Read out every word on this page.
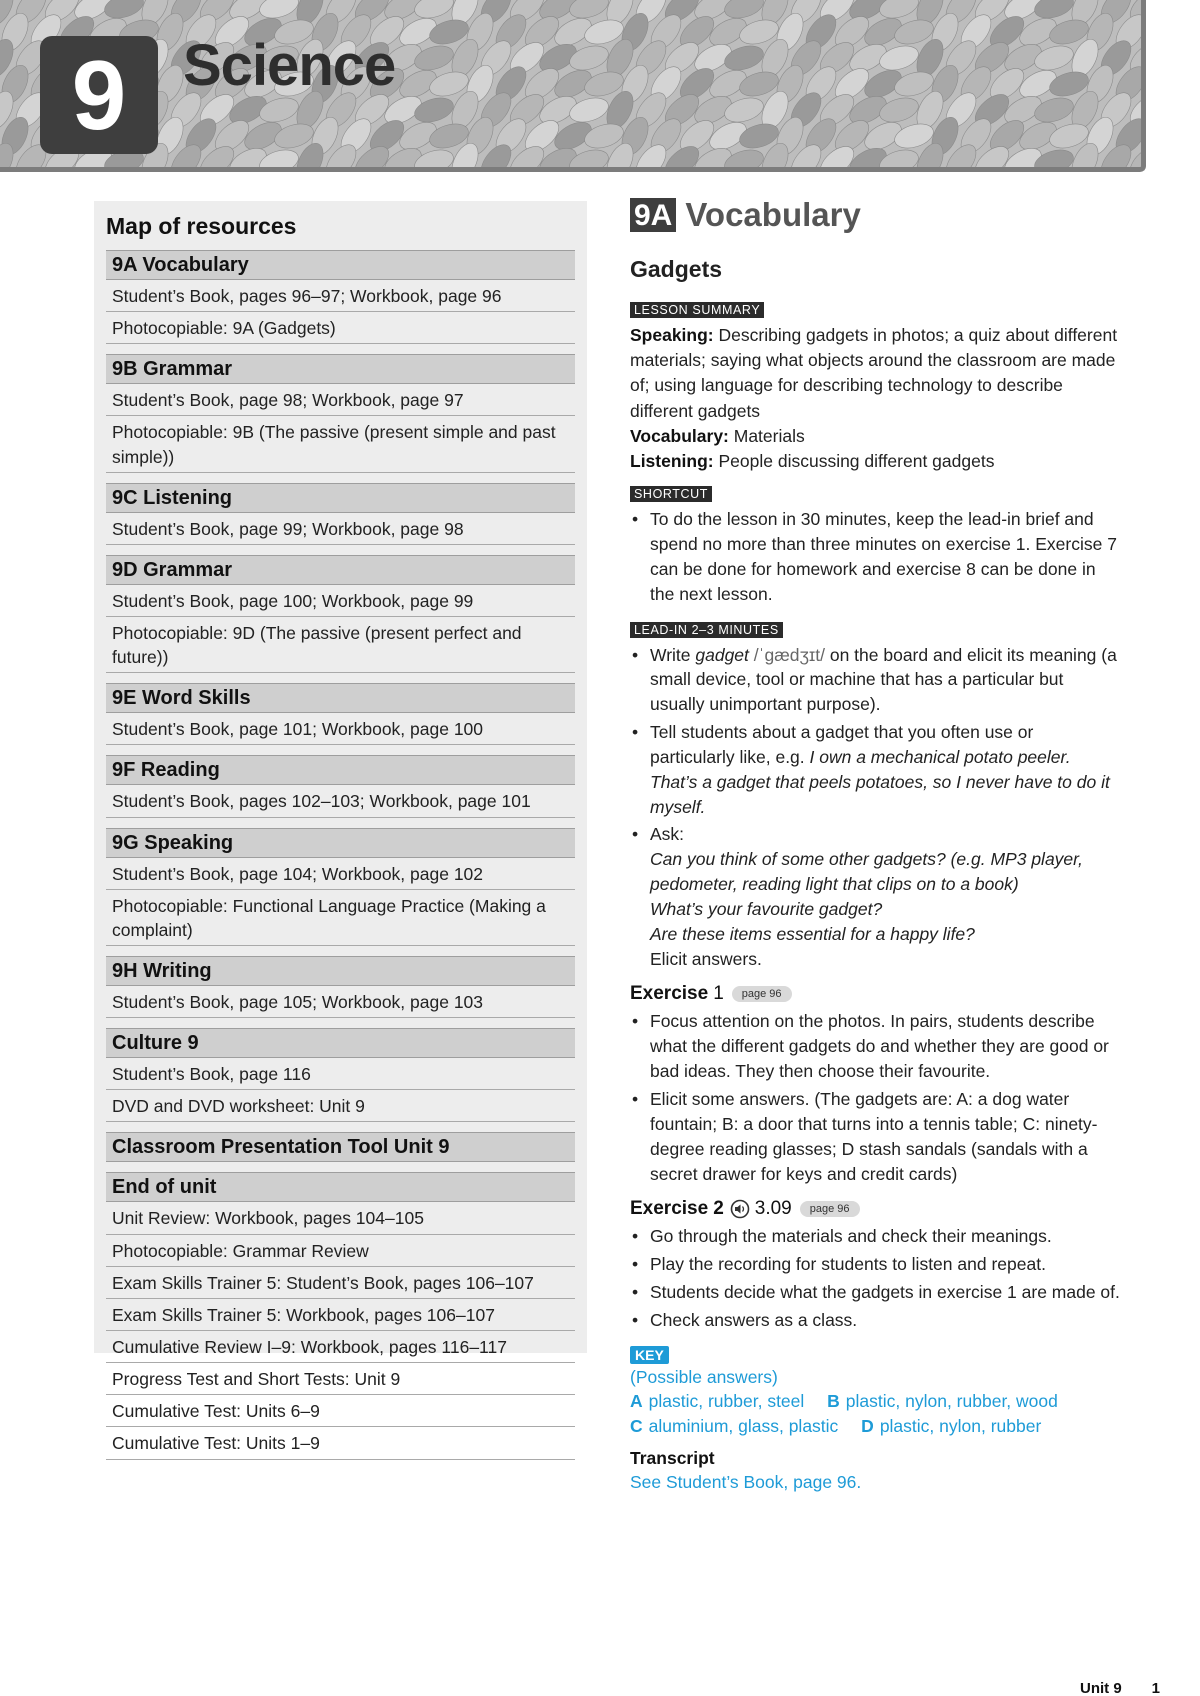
9 Science
Map of resources
9A Vocabulary
Student’s Book, pages 96–97; Workbook, page 96
Photocopiable: 9A (Gadgets)
9B Grammar
Student’s Book, page 98; Workbook, page 97
Photocopiable: 9B (The passive (present simple and past simple))
9C Listening
Student’s Book, page 99; Workbook, page 98
9D Grammar
Student’s Book, page 100; Workbook, page 99
Photocopiable: 9D (The passive (present perfect and future))
9E Word Skills
Student’s Book, page 101; Workbook, page 100
9F Reading
Student’s Book, pages 102–103; Workbook, page 101
9G Speaking
Student’s Book, page 104; Workbook, page 102
Photocopiable: Functional Language Practice (Making a complaint)
9H Writing
Student’s Book, page 105; Workbook, page 103
Culture 9
Student’s Book, page 116
DVD and DVD worksheet: Unit 9
Classroom Presentation Tool Unit 9
End of unit
Unit Review: Workbook, pages 104–105
Photocopiable: Grammar Review
Exam Skills Trainer 5: Student’s Book, pages 106–107
Exam Skills Trainer 5: Workbook, pages 106–107
Cumulative Review I–9: Workbook, pages 116–117
Progress Test and Short Tests: Unit 9
Cumulative Test: Units 6–9
Cumulative Test: Units 1–9
9A Vocabulary
Gadgets
LESSON SUMMARY

Speaking: Describing gadgets in photos; a quiz about different materials; saying what objects around the classroom are made of; using language for describing technology to describe different gadgets

Vocabulary: Materials

Listening: People discussing different gadgets

SHORTCUT
• To do the lesson in 30 minutes, keep the lead-in brief and spend no more than three minutes on exercise 1. Exercise 7 can be done for homework and exercise 8 can be done in the next lesson.
LEAD-IN 2–3 MINUTES
• Write gadget /ˈɡædʒɪt/ on the board and elicit its meaning (a small device, tool or machine that has a particular but usually unimportant purpose).
• Tell students about a gadget that you often use or particularly like, e.g. I own a mechanical potato peeler. That’s a gadget that peels potatoes, so I never have to do it myself.
• Ask:
Can you think of some other gadgets? (e.g. MP3 player, pedometer, reading light that clips on to a book)
What’s your favourite gadget?
Are these items essential for a happy life?
Elicit answers.
Exercise 1	page 96
• Focus attention on the photos. In pairs, students describe what the different gadgets do and whether they are good or bad ideas. They then choose their favourite.
• Elicit some answers. (The gadgets are: A: a dog water fountain; B: a door that turns into a tennis table; C: ninety-degree reading glasses; D stash sandals (sandals with a secret drawer for keys and credit cards)
Exercise 2 3.09	page 96
• Go through the materials and check their meanings.
• Play the recording for students to listen and repeat.
• Students decide what the gadgets in exercise 1 are made of.
• Check answers as a class.
KEY
(Possible answers)
A plastic, rubber, steel B plastic, nylon, rubber, wood
C aluminium, glass, plastic D plastic, nylon, rubber
Transcript
See Student’s Book, page 96.
Unit 9 1
